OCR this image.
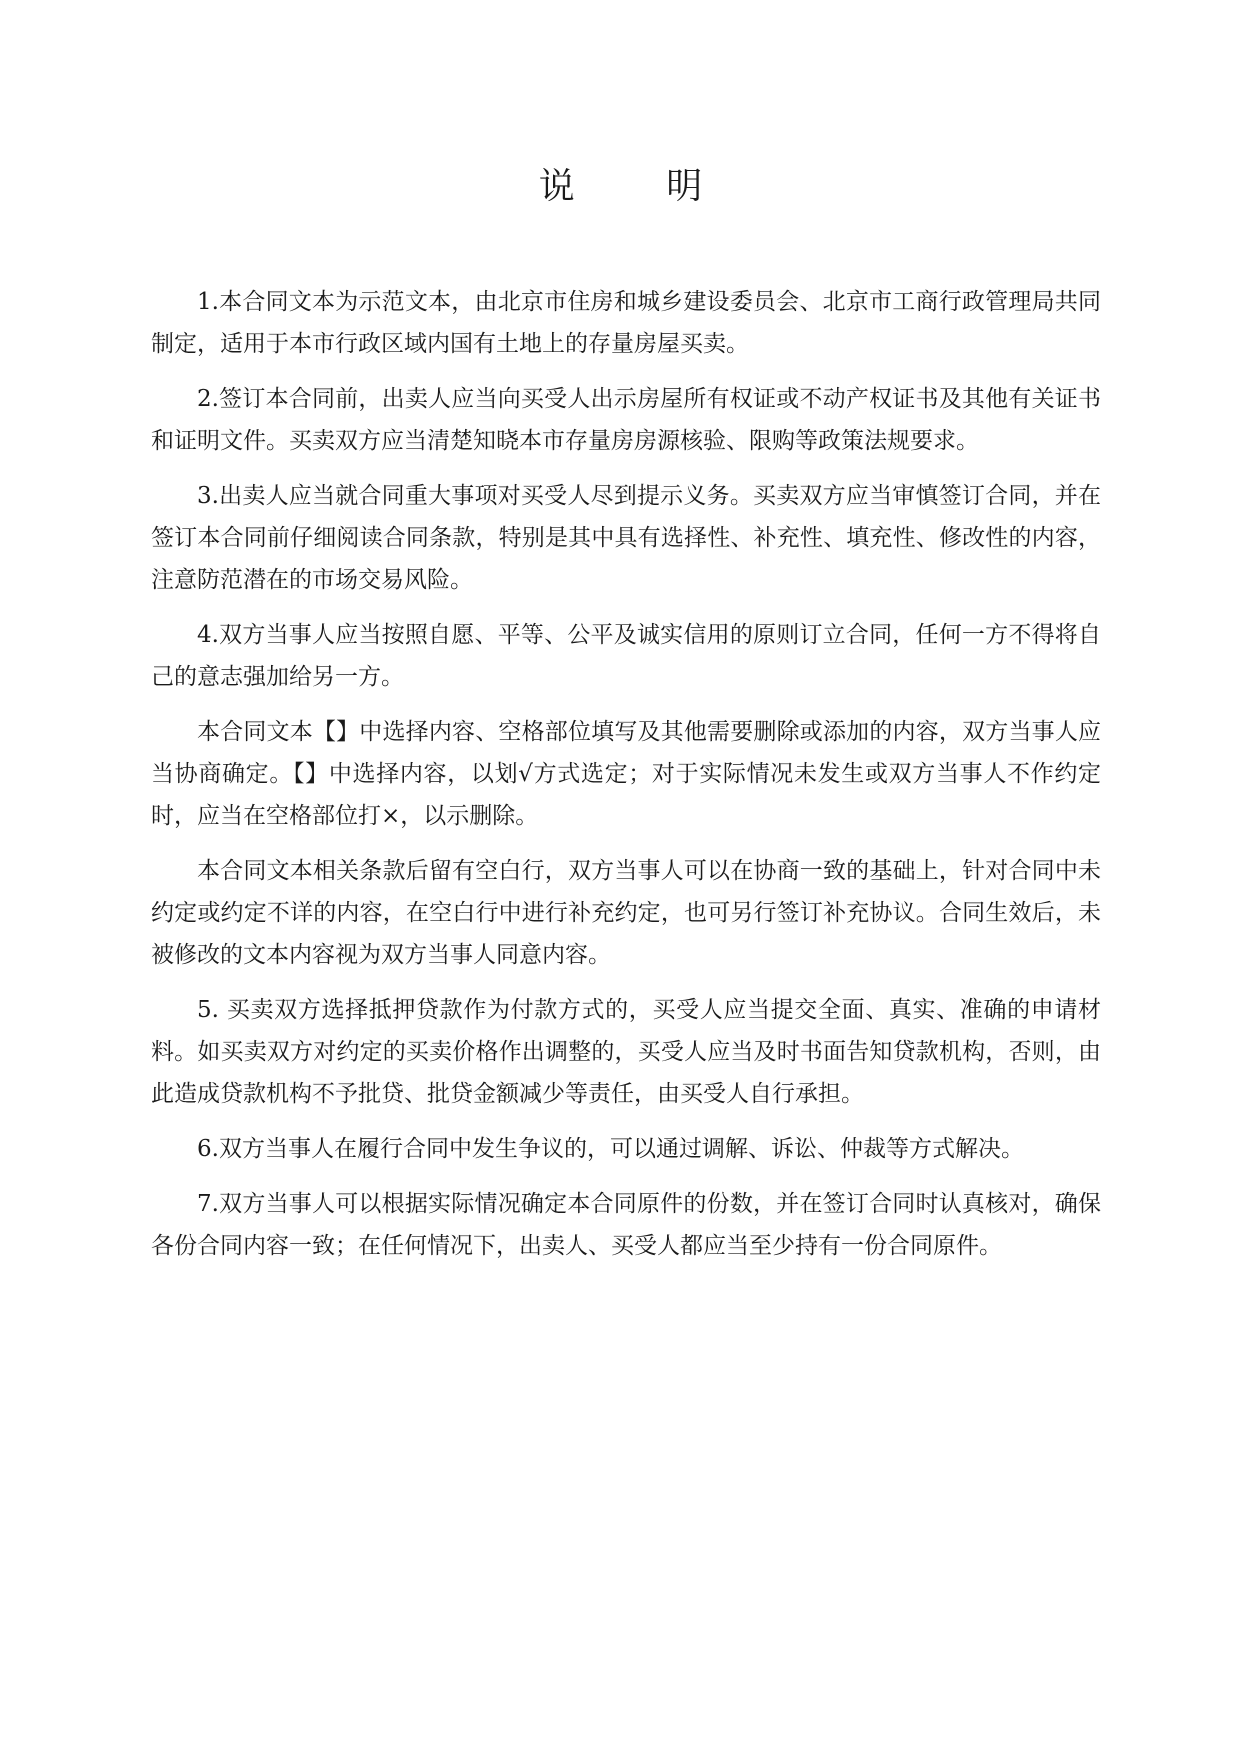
说 明

1.本合同文本为示范文本，由北京市住房和城乡建设委员会、北京市工商行政管理局共同制定，适用于本市行政区域内国有土地上的存量房屋买卖。

2.签订本合同前，出卖人应当向买受人出示房屋所有权证或不动产权证书及其他有关证书和证明文件。买卖双方应当清楚知晓本市存量房房源核验、限购等政策法规要求。

3.出卖人应当就合同重大事项对买受人尽到提示义务。买卖双方应当审慎签订合同，并在签订本合同前仔细阅读合同条款，特别是其中具有选择性、补充性、填充性、修改性的内容，注意防范潜在的市场交易风险。

4.双方当事人应当按照自愿、平等、公平及诚实信用的原则订立合同，任何一方不得将自己的意志强加给另一方。

本合同文本【】中选择内容、空格部位填写及其他需要删除或添加的内容，双方当事人应当协商确定。【】中选择内容，以划√方式选定；对于实际情况未发生或双方当事人不作约定时，应当在空格部位打×，以示删除。

本合同文本相关条款后留有空白行，双方当事人可以在协商一致的基础上，针对合同中未约定或约定不详的内容，在空白行中进行补充约定，也可另行签订补充协议。合同生效后，未被修改的文本内容视为双方当事人同意内容。

5. 买卖双方选择抵押贷款作为付款方式的，买受人应当提交全面、真实、准确的申请材料。如买卖双方对约定的买卖价格作出调整的，买受人应当及时书面告知贷款机构，否则，由此造成贷款机构不予批贷、批贷金额减少等责任，由买受人自行承担。

6.双方当事人在履行合同中发生争议的，可以通过调解、诉讼、仲裁等方式解决。

7.双方当事人可以根据实际情况确定本合同原件的份数，并在签订合同时认真核对，确保各份合同内容一致；在任何情况下，出卖人、买受人都应当至少持有一份合同原件。
